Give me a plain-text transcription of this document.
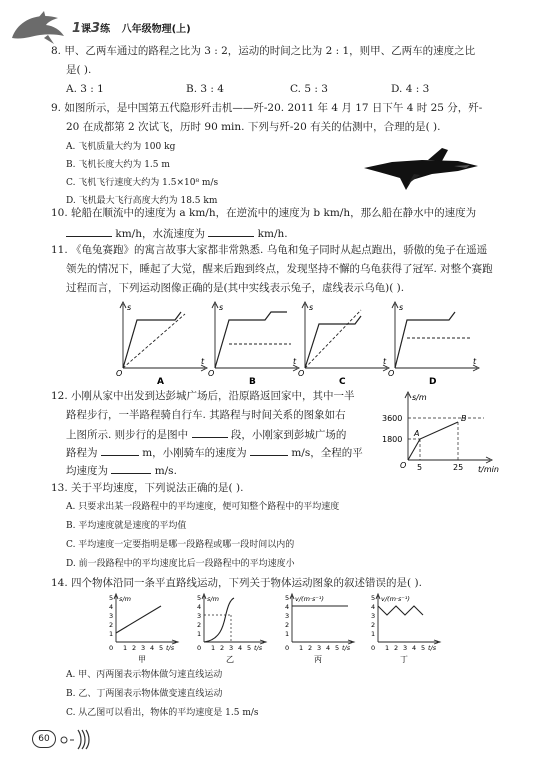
1课3练 八年级物理(上)
8. 甲、乙两车通过的路程之比为 3 : 2，运动的时间之比为 2 : 1，则甲、乙两车的速度之比
是( ).
A. 3 : 1	B. 3 : 4	C. 5 : 3	D. 4 : 3
9. 如图所示，是中国第五代隐形歼击机——歼-20. 2011 年 4 月 17 日下午 4 时 25 分，歼-
20 在成都第 2 次试飞，历时 90 min. 下列与歼-20 有关的估测中，合理的是( ).
A. 飞机质量大约为 100 kg
B. 飞机长度大约为 1.5 m
C. 飞机飞行速度大约为 1.5×10⁸ m/s
D. 飞机最大飞行高度大约为 18.5 km
10. 轮船在顺流中的速度为 a km/h，在逆流中的速度为 b km/h，那么船在静水中的速度为
km/h，水流速度为	km/h.
11. 《龟兔赛跑》的寓言故事大家都非常熟悉. 乌龟和兔子同时从起点跑出，骄傲的兔子在遥遥
领先的情况下，睡起了大觉，醒来后跑到终点，发现坚持不懈的乌龟获得了冠军. 对整个赛跑
过程而言，下列运动图像正确的是(其中实线表示兔子，虚线表示乌龟)( ).
s
t
O
A
s
t
O
B
s
t
O
C
s
t
O
D
12. 小刚从家中出发到达彭城广场后，沿原路返回家中，其中一半
路程步行，一半路程骑自行车. 其路程与时间关系的图象如右
上图所示. 则步行的是图中	段，小刚家到彭城广场的
路程为	m，小刚骑车的速度为	m/s，全程的平
均速度为	m/s.
s/m
t/min
3600
1800
5	25
O
A
B
13. 关于平均速度，下列说法正确的是( ).
A. 只要求出某一段路程中的平均速度，便可知整个路程中的平均速度
B. 平均速度就是速度的平均值
C. 平均速度一定要指明是哪一段路程或哪一段时间以内的
D. 前一段路程中的平均速度比后一段路程中的平均速度小
14. 四个物体沿同一条平直路线运动，下列关于物体运动图象的叙述错误的是( ).
5
4
3
2
1
1 2 3 4 5
0
s/m
t/s
甲
5
4
3
2
1
1 2 3 4 5
0
s/m
t/s
乙
5
4
3
2
1
1 2 3 4 5
0
v/(m·s⁻¹)
t/s
丙
5
4
3
2
1
1 2 3 4 5
0
v/(m·s⁻¹)
t/s
丁
A. 甲、丙两图表示物体做匀速直线运动
B. 乙、丁两图表示物体做变速直线运动
C. 从乙图可以看出，物体的平均速度是 1.5 m/s
60
